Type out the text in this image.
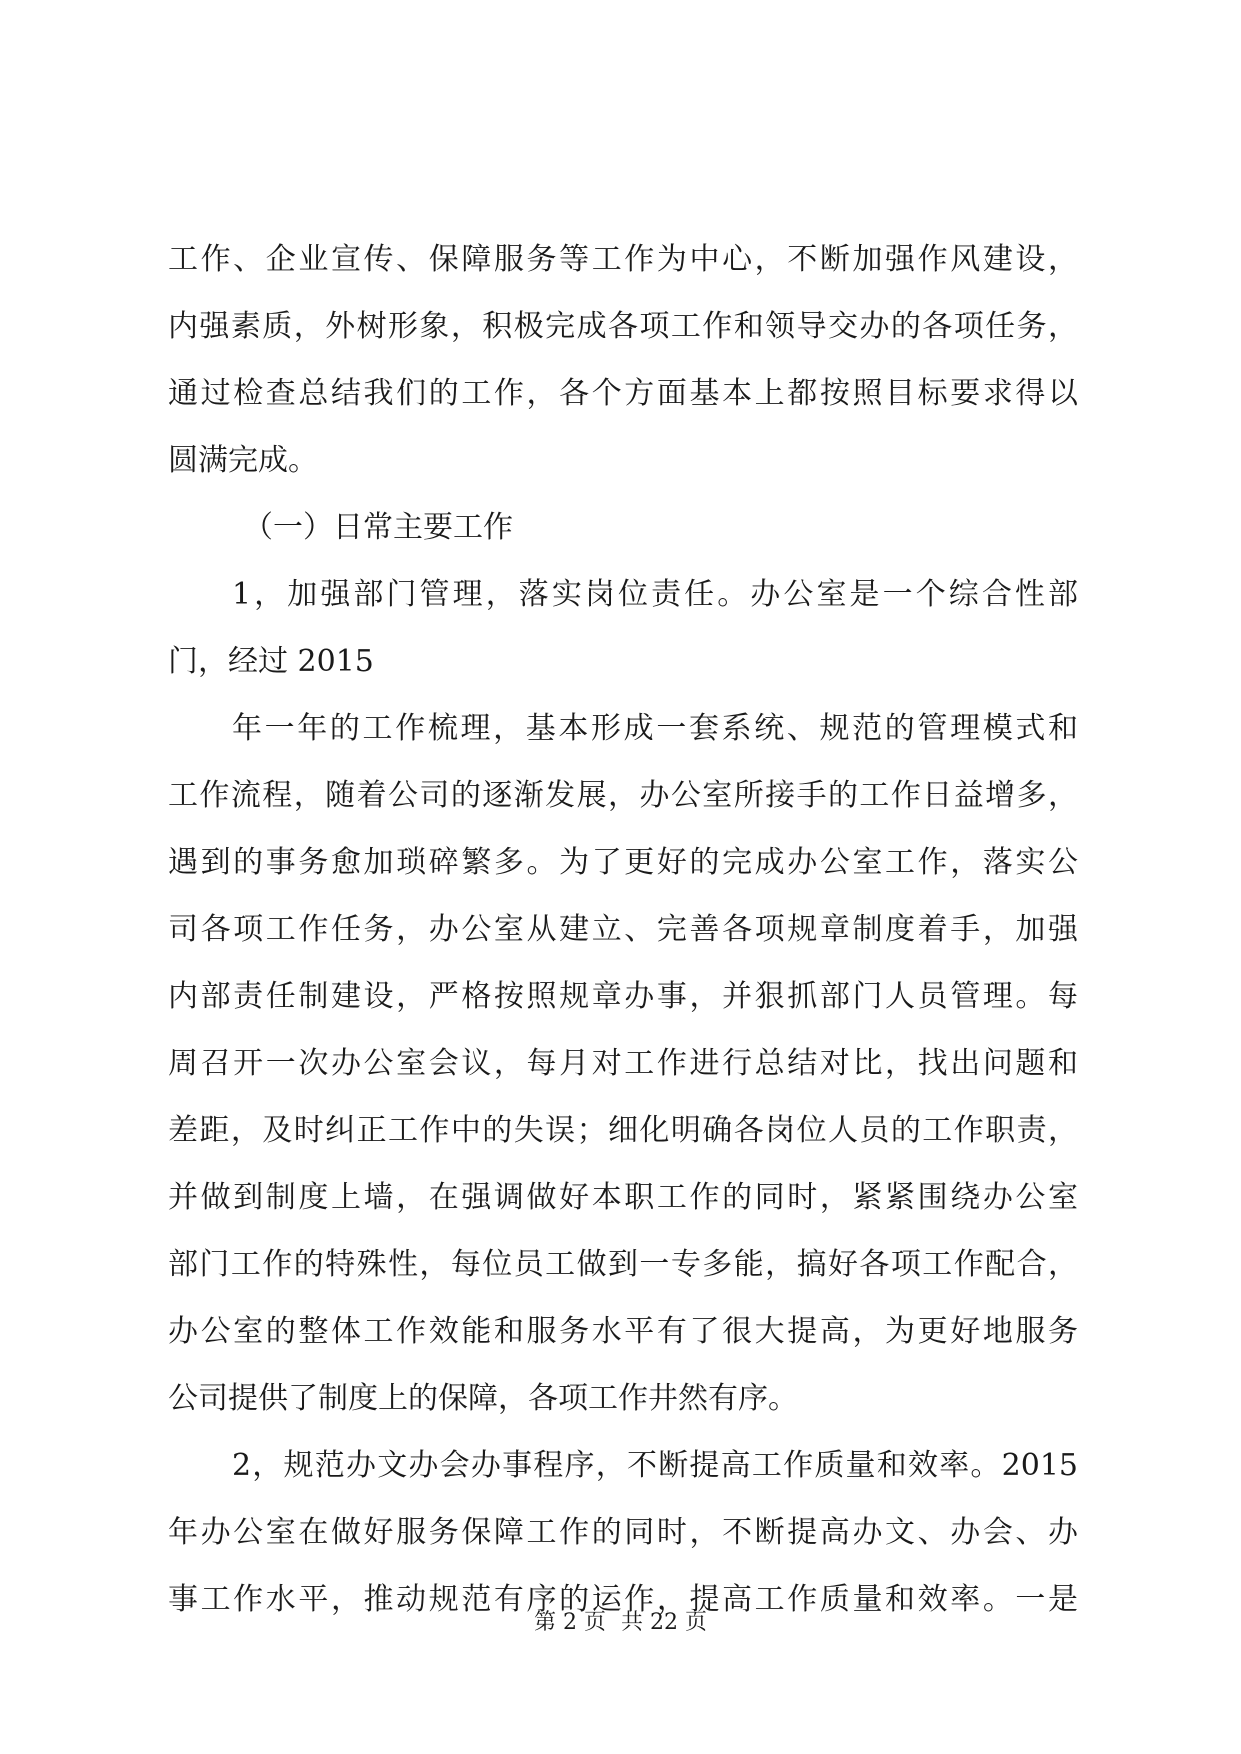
工作、企业宣传、保障服务等工作为中心，不断加强作风建设，
内强素质，外树形象，积极完成各项工作和领导交办的各项任务，
通过检查总结我们的工作，各个方面基本上都按照目标要求得以
圆满完成。
（一）日常主要工作
1，加强部门管理，落实岗位责任。办公室是一个综合性部
门，经过 2015
年一年的工作梳理，基本形成一套系统、规范的管理模式和
工作流程，随着公司的逐渐发展，办公室所接手的工作日益增多，
遇到的事务愈加琐碎繁多。为了更好的完成办公室工作，落实公
司各项工作任务，办公室从建立、完善各项规章制度着手，加强
内部责任制建设，严格按照规章办事，并狠抓部门人员管理。每
周召开一次办公室会议，每月对工作进行总结对比，找出问题和
差距，及时纠正工作中的失误；细化明确各岗位人员的工作职责，
并做到制度上墙，在强调做好本职工作的同时，紧紧围绕办公室
部门工作的特殊性，每位员工做到一专多能，搞好各项工作配合，
办公室的整体工作效能和服务水平有了很大提高，为更好地服务
公司提供了制度上的保障，各项工作井然有序。
2，规范办文办会办事程序，不断提高工作质量和效率。2015
年办公室在做好服务保障工作的同时，不断提高办文、办会、办
事工作水平，推动规范有序的运作，提高工作质量和效率。一是
第 2 页 共 22 页
